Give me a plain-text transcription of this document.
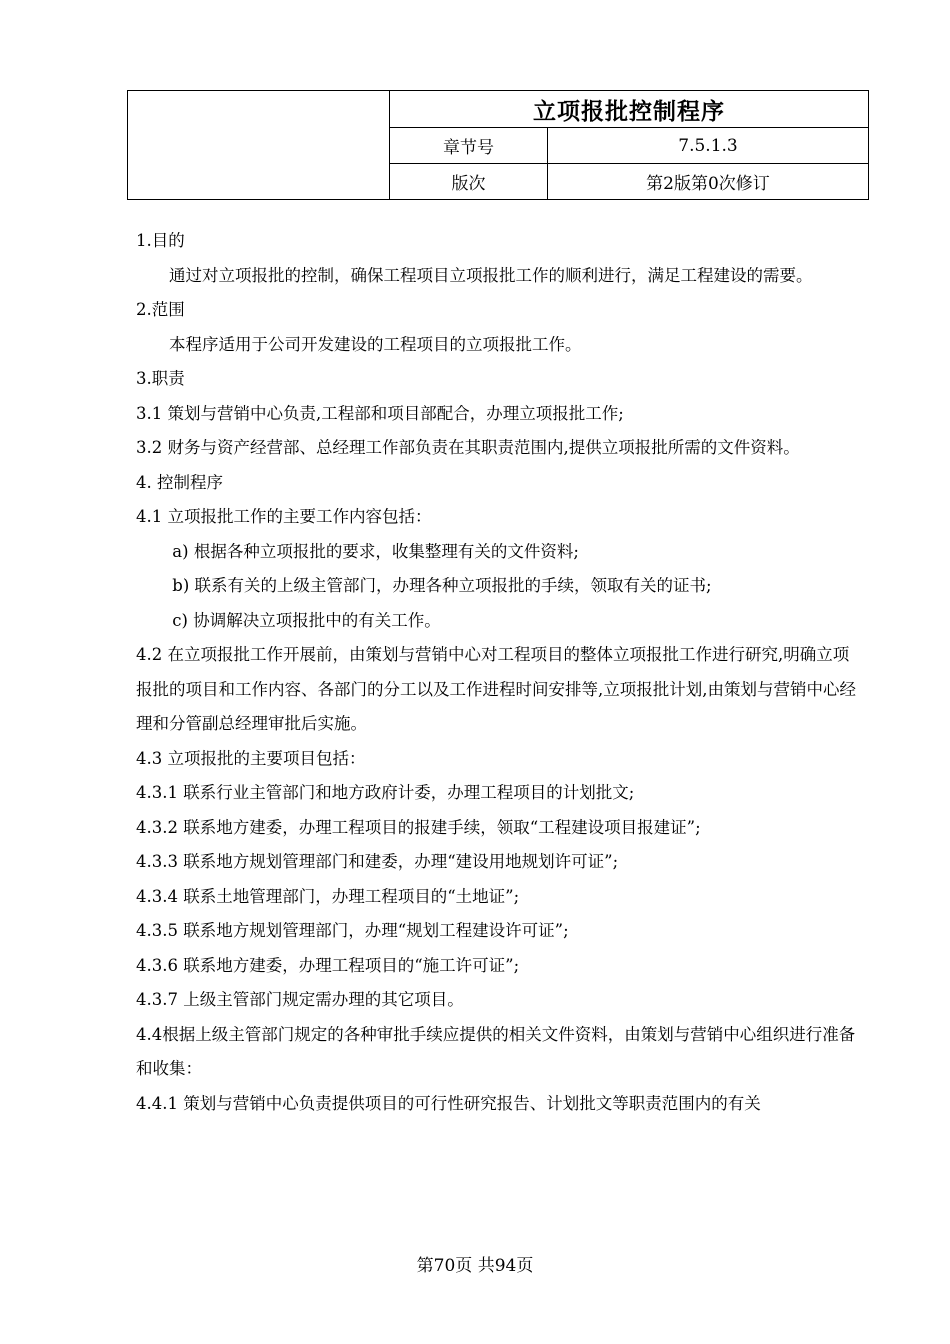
	立项报批控制程序	
	章节号	7.5.1.3
	版次	第2版第0次修订

1.目的

通过对立项报批的控制，确保工程项目立项报批工作的顺利进行，满足工程建设的需要。

2.范围

本程序适用于公司开发建设的工程项目的立项报批工作。

3.职责

3.1 策划与营销中心负责,工程部和项目部配合，办理立项报批工作;

3.2 财务与资产经营部、总经理工作部负责在其职责范围内,提供立项报批所需的文件资料。

4. 控制程序

4.1 立项报批工作的主要工作内容包括：

a) 根据各种立项报批的要求，收集整理有关的文件资料;

b) 联系有关的上级主管部门，办理各种立项报批的手续，领取有关的证书;

c) 协调解决立项报批中的有关工作。

4.2 在立项报批工作开展前，由策划与营销中心对工程项目的整体立项报批工作进行研究,明确立项报批的项目和工作内容、各部门的分工以及工作进程时间安排等,立项报批计划,由策划与营销中心经理和分管副总经理审批后实施。

4.3 立项报批的主要项目包括：

4.3.1 联系行业主管部门和地方政府计委，办理工程项目的计划批文;

4.3.2 联系地方建委，办理工程项目的报建手续，领取“工程建设项目报建证”;

4.3.3 联系地方规划管理部门和建委，办理“建设用地规划许可证”;

4.3.4 联系土地管理部门，办理工程项目的“土地证”;

4.3.5 联系地方规划管理部门，办理“规划工程建设许可证”;

4.3.6 联系地方建委，办理工程项目的“施工许可证”;

4.3.7 上级主管部门规定需办理的其它项目。

4.4根据上级主管部门规定的各种审批手续应提供的相关文件资料，由策划与营销中心组织进行准备和收集：

4.4.1 策划与营销中心负责提供项目的可行性研究报告、计划批文等职责范围内的有关

第70页 共94页
